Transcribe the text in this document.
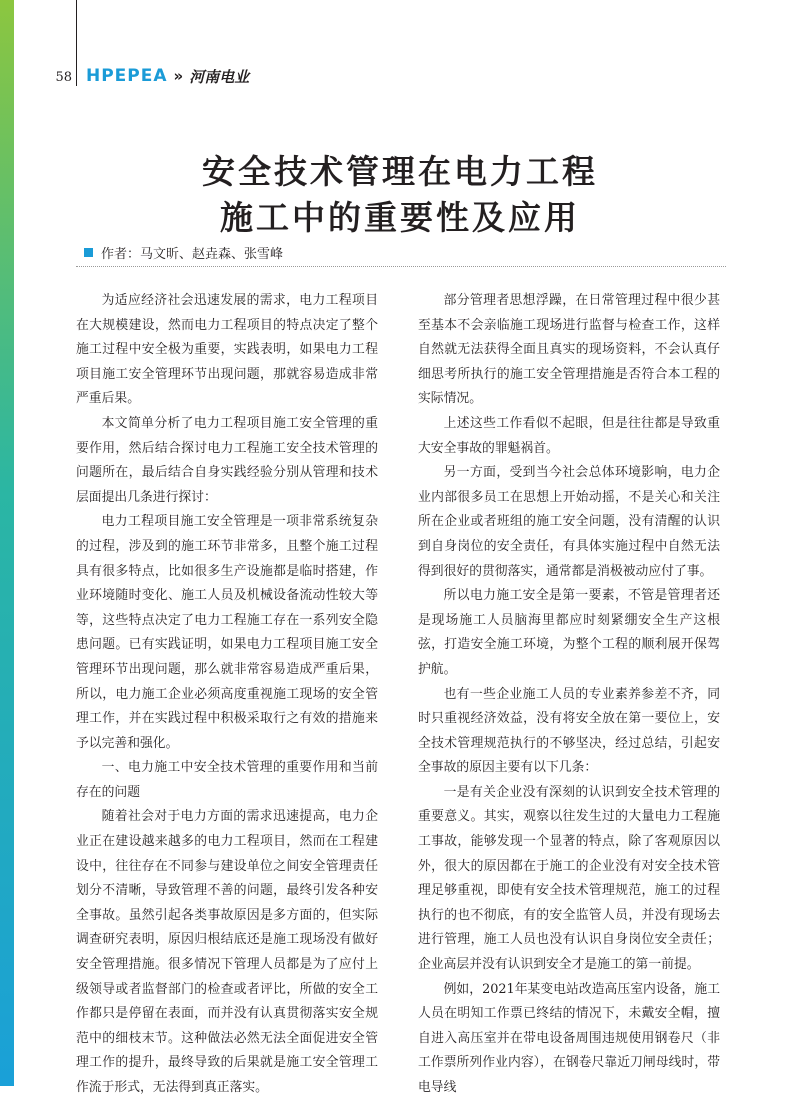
58 HPEPEA » 河南电业
安全技术管理在电力工程
施工中的重要性及应用
作者：马文昕、赵垚森、张雪峰

为适应经济社会迅速发展的需求，电力工程项目在大规模建设，然而电力工程项目的特点决定了整个施工过程中安全极为重要，实践表明，如果电力工程项目施工安全管理环节出现问题，那就容易造成非常严重后果。

本文简单分析了电力工程项目施工安全管理的重要作用，然后结合探讨电力工程施工安全技术管理的问题所在，最后结合自身实践经验分别从管理和技术层面提出几条进行探讨：

电力工程项目施工安全管理是一项非常系统复杂的过程，涉及到的施工环节非常多，且整个施工过程具有很多特点，比如很多生产设施都是临时搭建，作业环境随时变化、施工人员及机械设备流动性较大等等，这些特点决定了电力工程施工存在一系列安全隐患问题。已有实践证明，如果电力工程项目施工安全管理环节出现问题，那么就非常容易造成严重后果，所以，电力施工企业必须高度重视施工现场的安全管理工作，并在实践过程中积极采取行之有效的措施来予以完善和强化。

一、电力施工中安全技术管理的重要作用和当前存在的问题

随着社会对于电力方面的需求迅速提高，电力企业正在建设越来越多的电力工程项目，然而在工程建设中，往往存在不同参与建设单位之间安全管理责任划分不清晰，导致管理不善的问题，最终引发各种安全事故。虽然引起各类事故原因是多方面的，但实际调查研究表明，原因归根结底还是施工现场没有做好安全管理措施。很多情况下管理人员都是为了应付上级领导或者监督部门的检查或者评比，所做的安全工作都只是停留在表面，而并没有认真贯彻落实安全规范中的细枝末节。这种做法必然无法全面促进安全管理工作的提升，最终导致的后果就是施工安全管理工作流于形式，无法得到真正落实。

部分管理者思想浮躁，在日常管理过程中很少甚至基本不会亲临施工现场进行监督与检查工作，这样自然就无法获得全面且真实的现场资料，不会认真仔细思考所执行的施工安全管理措施是否符合本工程的实际情况。

上述这些工作看似不起眼，但是往往都是导致重大安全事故的罪魁祸首。

另一方面，受到当今社会总体环境影响，电力企业内部很多员工在思想上开始动摇，不是关心和关注所在企业或者班组的施工安全问题，没有清醒的认识到自身岗位的安全责任，有具体实施过程中自然无法得到很好的贯彻落实，通常都是消极被动应付了事。

所以电力施工安全是第一要素，不管是管理者还是现场施工人员脑海里都应时刻紧绷安全生产这根弦，打造安全施工环境，为整个工程的顺利展开保驾护航。

也有一些企业施工人员的专业素养参差不齐，同时只重视经济效益，没有将安全放在第一要位上，安全技术管理规范执行的不够坚决，经过总结，引起安全事故的原因主要有以下几条：

一是有关企业没有深刻的认识到安全技术管理的重要意义。其实，观察以往发生过的大量电力工程施工事故，能够发现一个显著的特点，除了客观原因以外，很大的原因都在于施工的企业没有对安全技术管理足够重视，即使有安全技术管理规范，施工的过程执行的也不彻底，有的安全监管人员，并没有现场去进行管理，施工人员也没有认识自身岗位安全责任；企业高层并没有认识到安全才是施工的第一前提。

例如，2021年某变电站改造高压室内设备，施工人员在明知工作票已终结的情况下，未戴安全帽，擅自进入高压室并在带电设备周围违规使用钢卷尺（非工作票所列作业内容），在钢卷尺靠近刀闸母线时，带电导线
